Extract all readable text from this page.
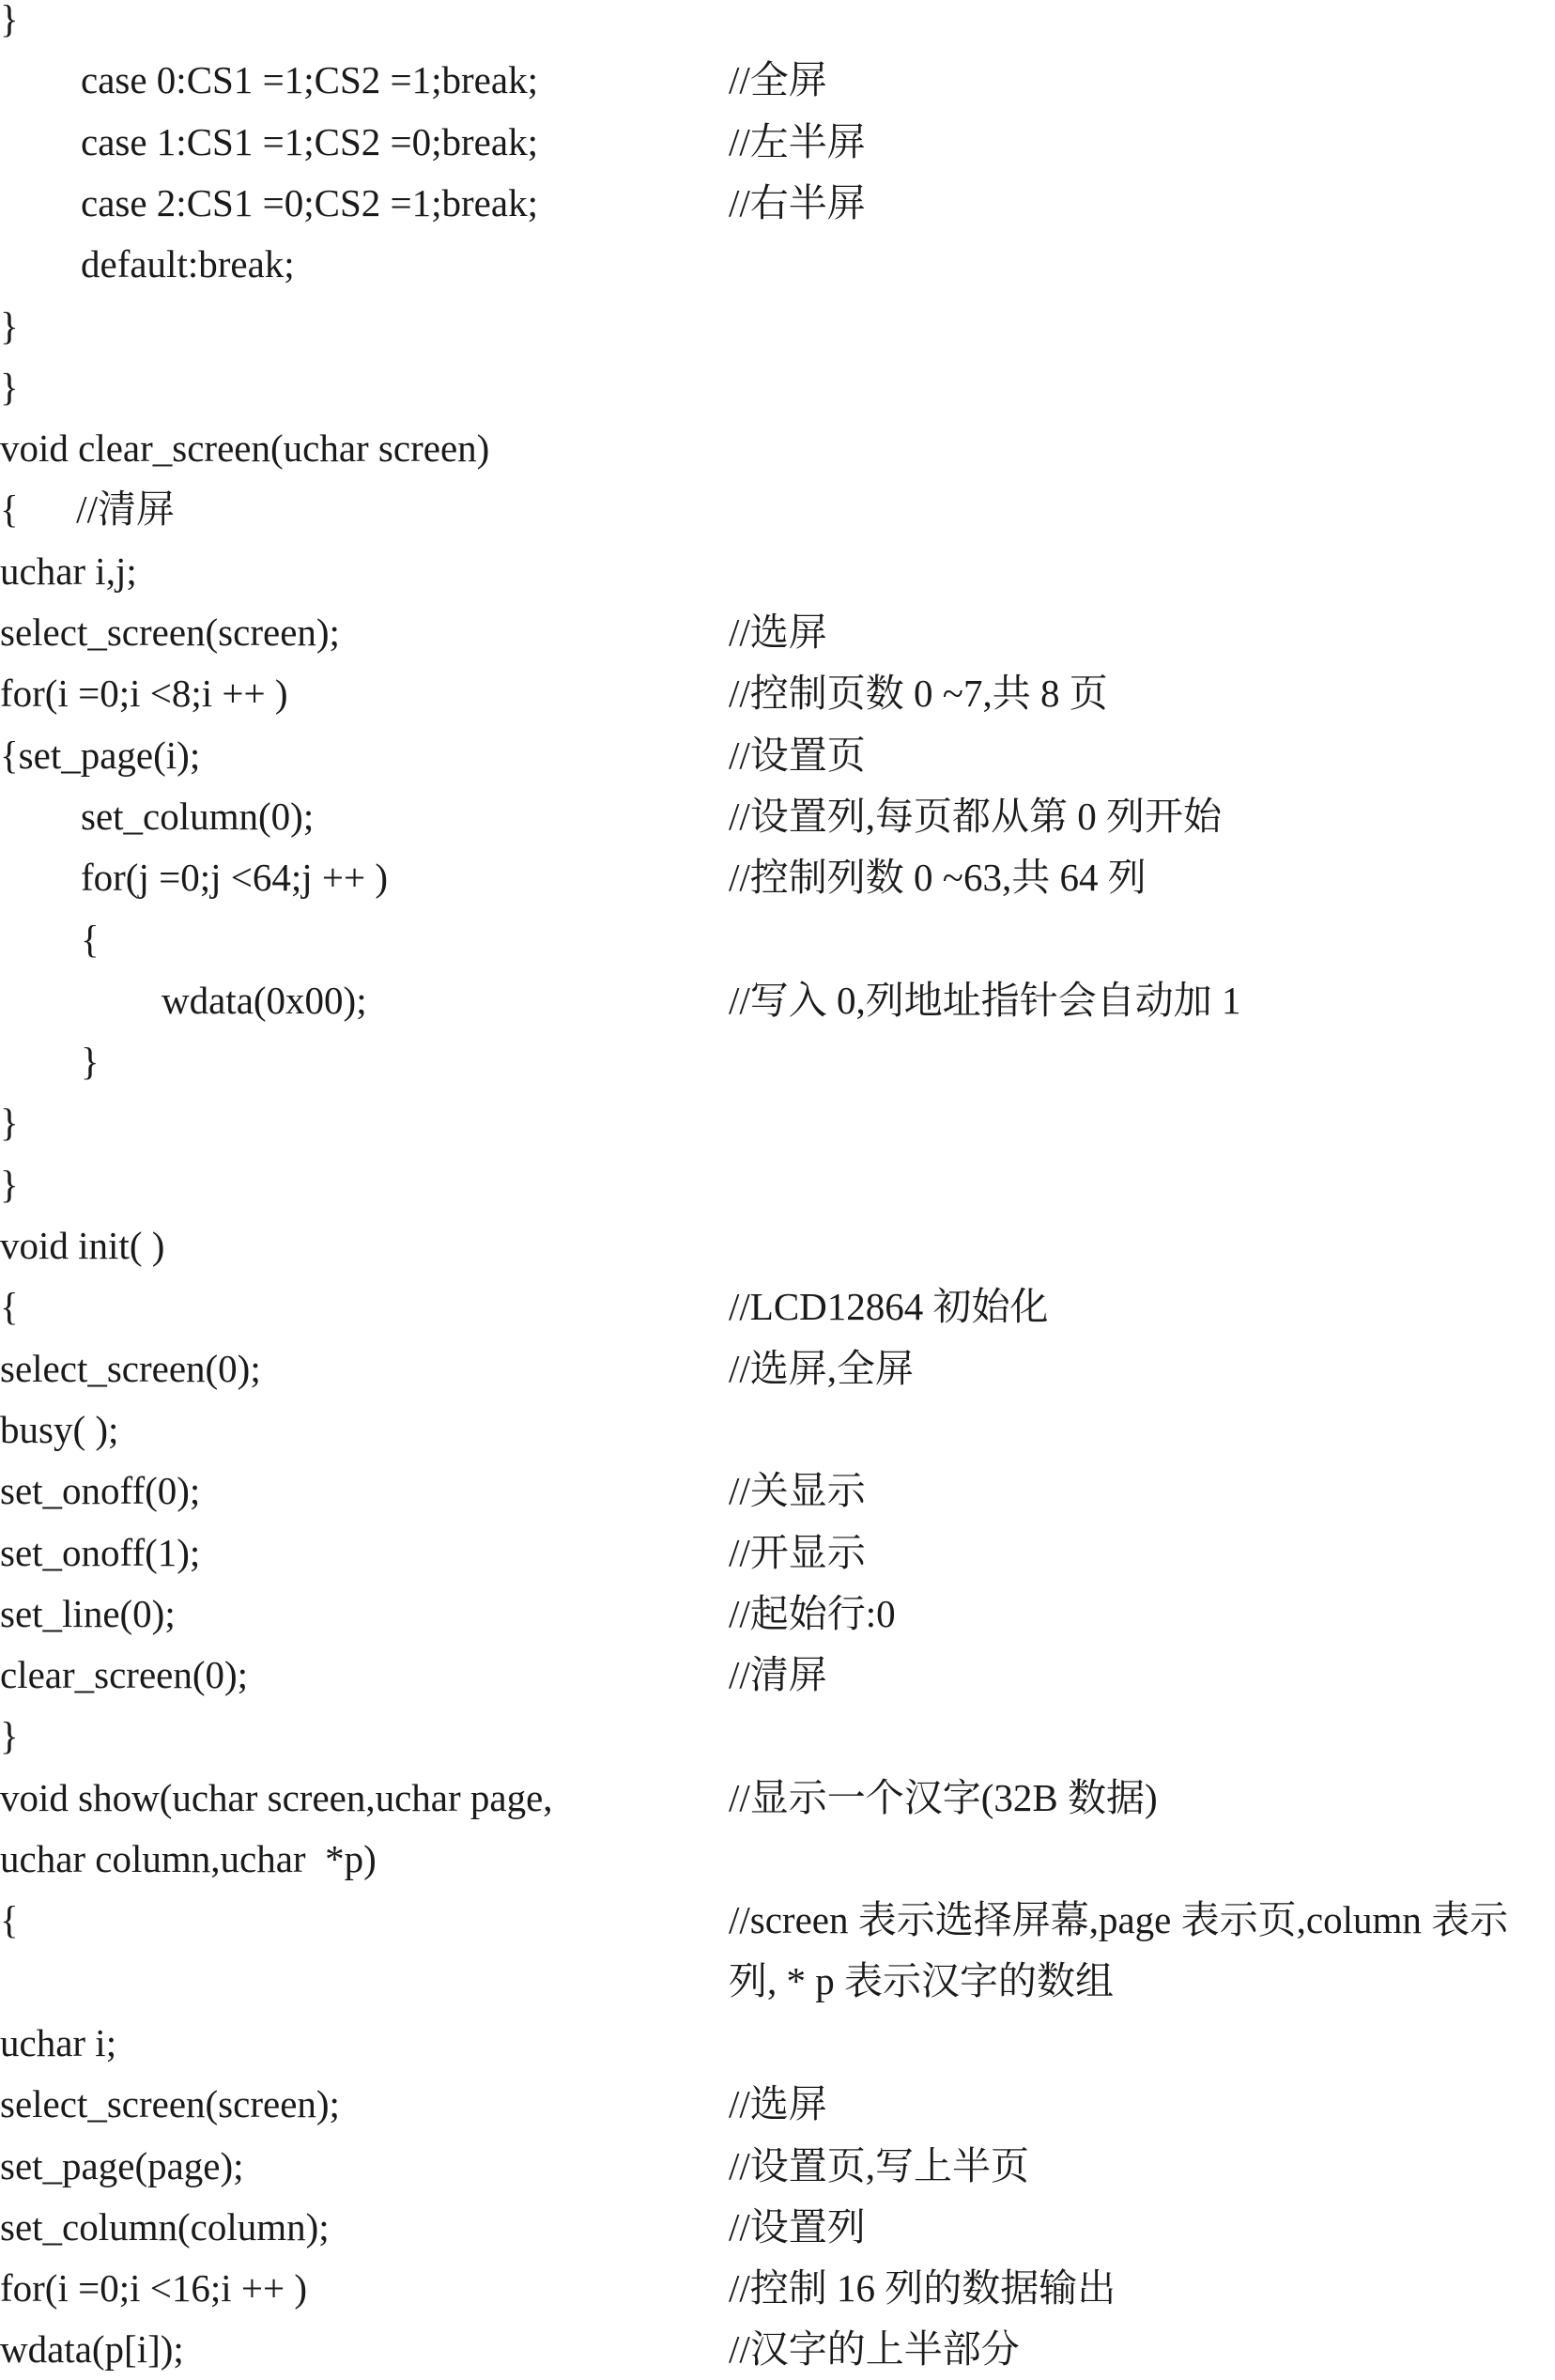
}
case 0:CS1 =1;CS2 =1;break;	//全屏
case 1:CS1 =1;CS2 =0;break;	//左半屏
case 2:CS1 =0;CS2 =1;break;	//右半屏
default:break;
}
}
void clear_screen(uchar screen)
{      //清屏
uchar i,j;
select_screen(screen);	//选屏
for(i =0;i <8;i ++ )	//控制页数 0 ~7,共 8 页
{set_page(i);	//设置页
set_column(0);	//设置列,每页都从第 0 列开始
for(j =0;j <64;j ++ )	//控制列数 0 ~63,共 64 列
{
wdata(0x00);	//写入 0,列地址指针会自动加 1
}
}
}
void init( )
{	//LCD12864 初始化
select_screen(0);	//选屏,全屏
busy( );
set_onoff(0);	//关显示
set_onoff(1);	//开显示
set_line(0);	//起始行:0
clear_screen(0);	//清屏
}
void show(uchar screen,uchar page,	//显示一个汉字(32B 数据)
uchar column,uchar  *p)
{	//screen 表示选择屏幕,page 表示页,column 表示列, * p 表示汉字的数组
uchar i;
select_screen(screen);	//选屏
set_page(page);	//设置页,写上半页
set_column(column);	//设置列
for(i =0;i <16;i ++ )	//控制 16 列的数据输出
wdata(p[i]);	//汉字的上半部分
